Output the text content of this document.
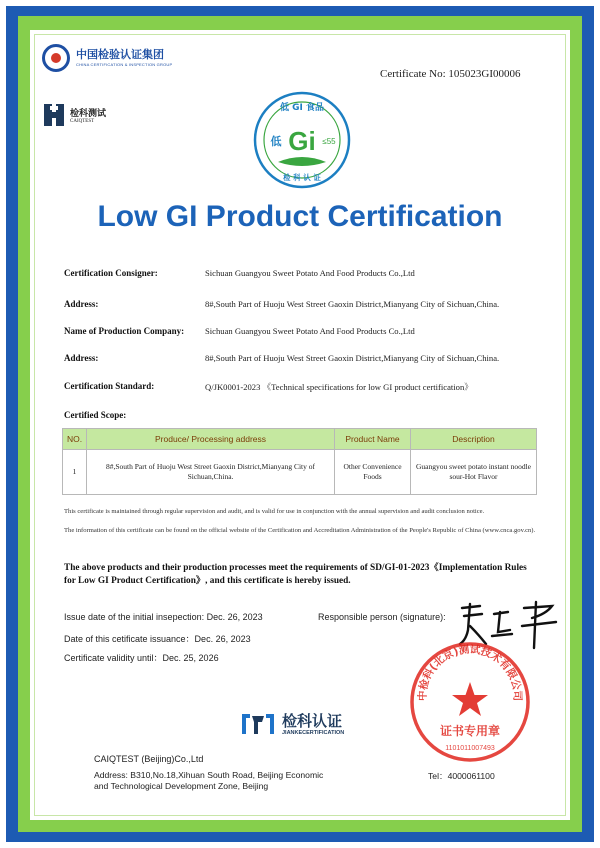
中国检验认证集团
CHINA CERTIFICATION & INSPECTION GROUP
检科测试
CAIQTEST
Certificate No: 105023GI00006
低 GI 食品
低 Gi ≤55
检 科 认 证
Low GI Product Certification
Certification Consigner:	Sichuan Guangyou Sweet Potato And Food Products Co.,Ltd
Address:	8#,South Part of Huoju West Street Gaoxin District,Mianyang City of Sichuan,China.
Name of Production Company: Sichuan Guangyou Sweet Potato And Food Products Co.,Ltd
Address:	8#,South Part of Huoju West Street Gaoxin District,Mianyang City of Sichuan,China.
Certification Standard:	Q/JK0001-2023 《Technical specifications for low GI product certification》
Certified Scope:
NO.	Produce/ Processing address	Product Name	Description
1	8#,South Part of Huoju West Street Gaoxin District,Mianyang City of Sichuan,China.	Other Convenience Foods	Guangyou sweet potato instant noodle sour-Hot Flavor
This certificate is maintained through regular supervision and audit, and is valid for use in conjunction with the annual supervision and audit conclusion notice.
The information of this certificate can be found on the official website of the Certification and Accreditation Administration of the People's Republic of China (www.cnca.gov.cn).
The above products and their production processes meet the requirements of SD/GI-01-2023《Implementation Rules for Low GI Product Certification》, and this certificate is hereby issued.
Issue date of the initial insepection: Dec. 26, 2023
Date of this cetificate issuance：Dec. 26, 2023
Certificate validity until：Dec. 25, 2026
Responsible person (signature):
中检科(北京)测试技术有限公司
证书专用章
1101011007493
检科认证
JIANKECERTIFICATION
CAIQTEST (Beijing)Co.,Ltd
Address: B310,No.18,Xihuan South Road, Beijing Economic
and Technological Development Zone, Beijing
Tel：4000061100
